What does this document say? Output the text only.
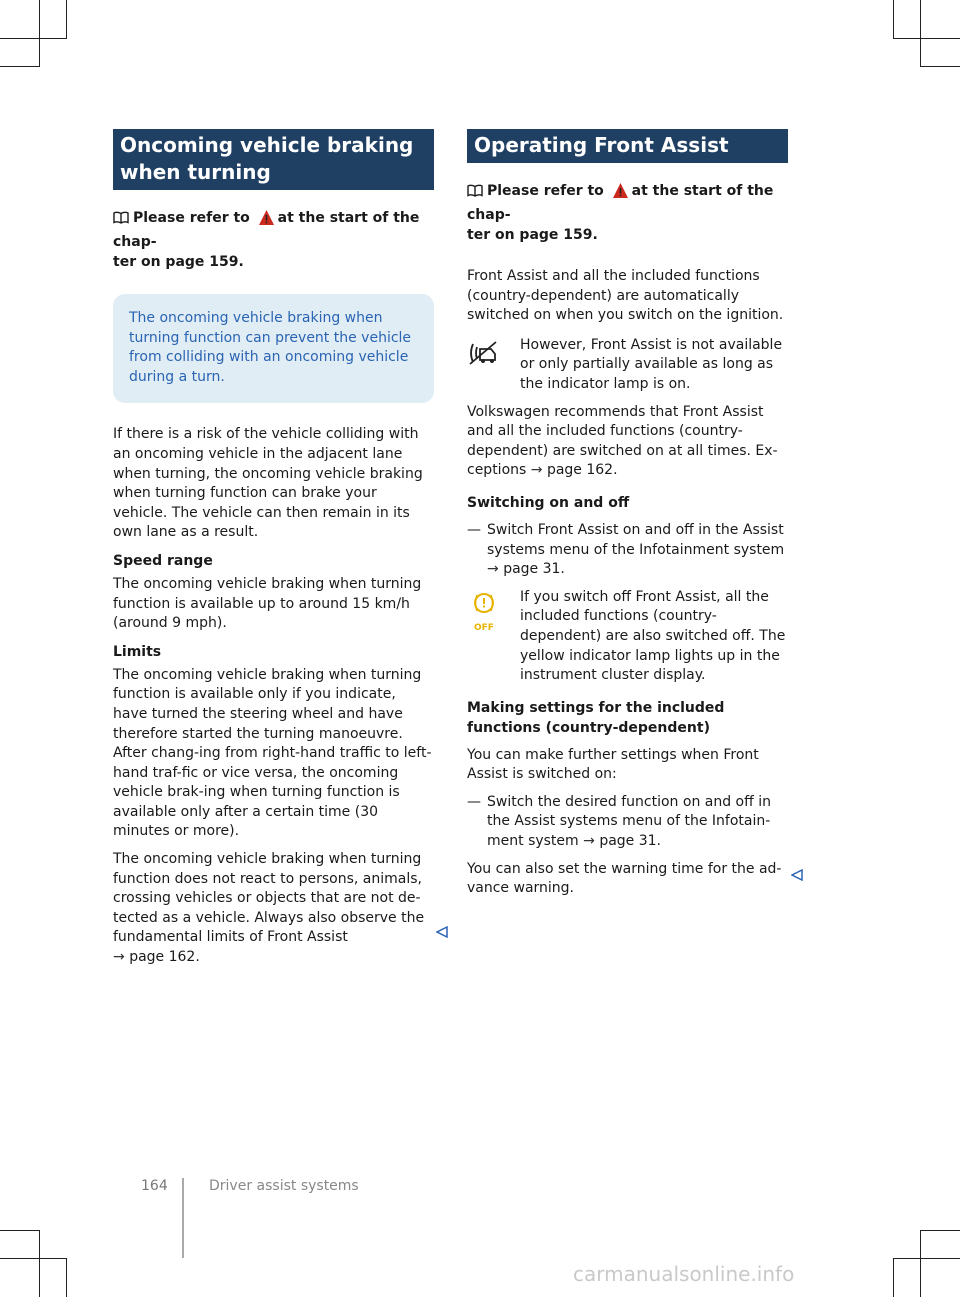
Oncoming vehicle braking
when turning
Please refer to at the start of the chap-
ter on page 159.
The oncoming vehicle braking when turning function can prevent the vehicle from colliding with an oncoming vehicle during a turn.

If there is a risk of the vehicle colliding with an oncoming vehicle in the adjacent lane when turning, the oncoming vehicle braking when turning function can brake your vehicle. The vehicle can then remain in its own lane as a result.

Speed range

The oncoming vehicle braking when turning function is available up to around 15 km/h (around 9 mph).

Limits

The oncoming vehicle braking when turning function is available only if you indicate, have turned the steering wheel and have therefore started the turning manoeuvre. After chang-ing from right-hand traffic to left-hand traf-fic or vice versa, the oncoming vehicle brak-ing when turning function is available only after a certain time (30 minutes or more).

The oncoming vehicle braking when turning function does not react to persons, animals, crossing vehicles or objects that are not de-tected as a vehicle. Always also observe the fundamental limits of Front Assist
→ page 162.

Operating Front Assist
Please refer to at the start of the chap-
ter on page 159.

Front Assist and all the included functions (country-dependent) are automatically switched on when you switch on the ignition.

However, Front Assist is not available or only partially available as long as the indicator lamp is on.

Volkswagen recommends that Front Assist and all the included functions (country-dependent) are switched on at all times. Ex-ceptions → page 162.

Switching on and off
— Switch Front Assist on and off in the Assist systems menu of the Infotainment system
→ page 31.
OFF

If you switch off Front Assist, all the included functions (country-dependent) are also switched off. The yellow indicator lamp lights up in the instrument cluster display.

Making settings for the included functions (country-dependent)

You can make further settings when Front Assist is switched on:

— Switch the desired function on and off in the Assist systems menu of the Infotain-ment system → page 31.

You can also set the warning time for the ad-vance warning.

164	Driver assist systems
carmanualsonline.info
